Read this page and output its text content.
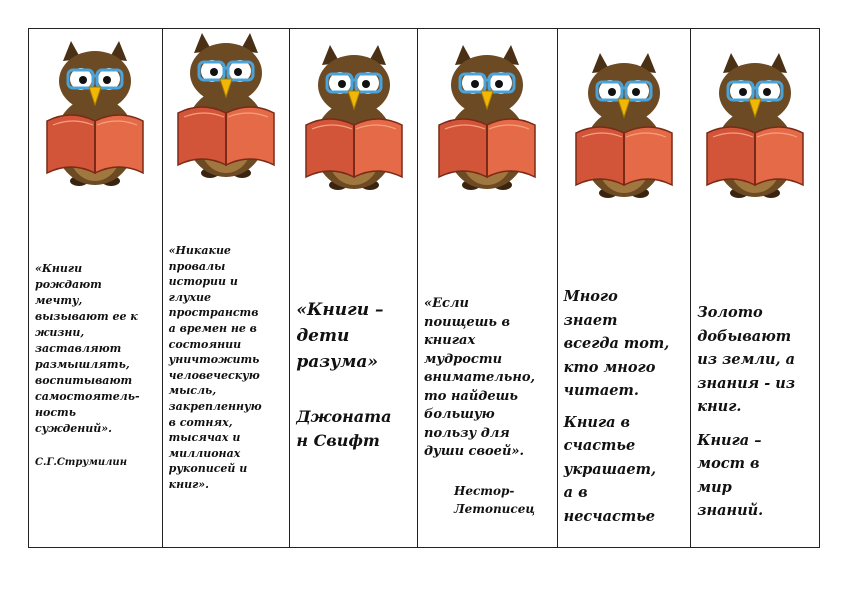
«Книги
рождают
мечту,
вызывают ее к
жизни,
заставляют
размышлять,
воспитывают
самостоятель-
ность
суждений».

С.Г.Струмилин

«Никакие
провалы
истории и
глухие
пространств
а времен не в
состоянии
уничтожить
человеческую
мысль,
закрепленную
в сотнях,
тысячах и
миллионах
рукописей и
книг».

«Книги –
дети
разума»

Джоната
н Свифт

«Если
поищешь в
книгах
мудрости
внимательно,
то найдешь
большую
пользу для
души своей».

Нестор-
Летописец

Много
знает
всегда тот,
кто много
читает.

Книга в
счастье
украшает,
а в
несчастье

Золото
добывают
из земли, а
знания - из
книг.

Книга –
мост в
мир
знаний.
